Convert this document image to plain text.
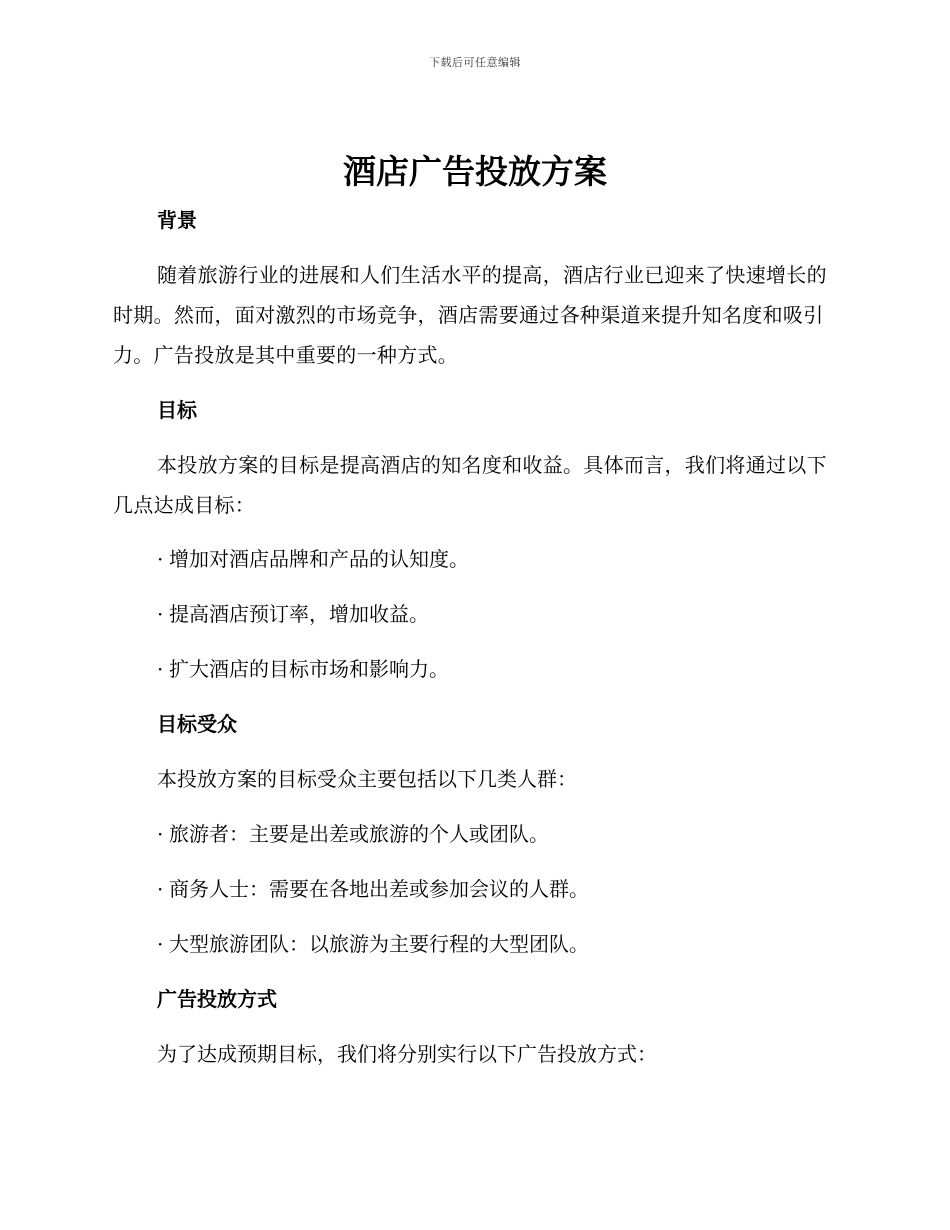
下载后可任意编辑
酒店广告投放方案
背景

随着旅游行业的进展和人们生活水平的提高，酒店行业已迎来了快速增长的时期。然而，面对激烈的市场竞争，酒店需要通过各种渠道来提升知名度和吸引力。广告投放是其中重要的一种方式。

目标

本投放方案的目标是提高酒店的知名度和收益。具体而言，我们将通过以下几点达成目标：

· 增加对酒店品牌和产品的认知度。
· 提高酒店预订率，增加收益。
· 扩大酒店的目标市场和影响力。
目标受众

本投放方案的目标受众主要包括以下几类人群：

· 旅游者：主要是出差或旅游的个人或团队。
· 商务人士：需要在各地出差或参加会议的人群。
· 大型旅游团队：以旅游为主要行程的大型团队。
广告投放方式

为了达成预期目标，我们将分别实行以下广告投放方式：
